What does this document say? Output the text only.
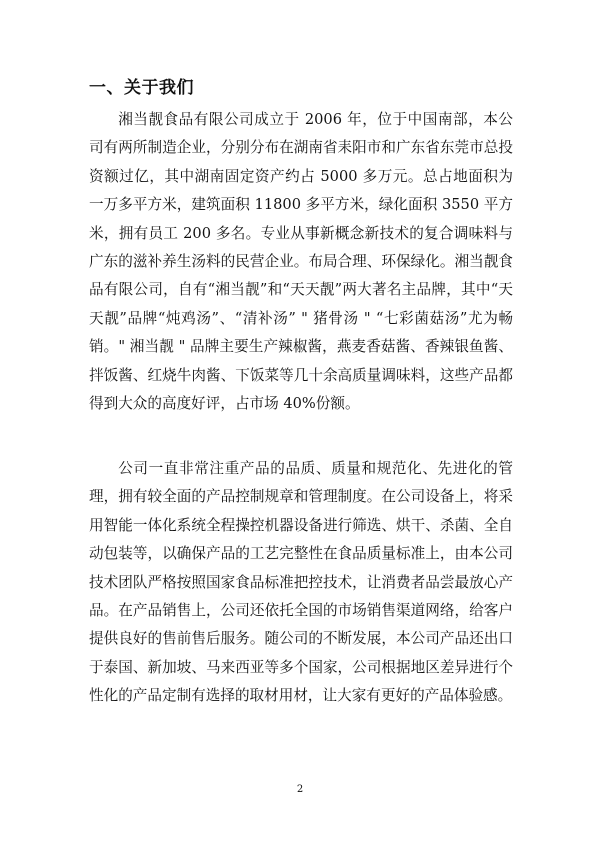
一、关于我们

湘当靓食品有限公司成立于 2006 年，位于中国南部，本公司有两所制造企业，分别分布在湖南省耒阳市和广东省东莞市总投资额过亿，其中湖南固定资产约占 5000 多万元。总占地面积为一万多平方米，建筑面积 11800 多平方米，绿化面积 3550 平方米，拥有员工 200 多名。专业从事新概念新技术的复合调味料与广东的滋补养生汤料的民营企业。布局合理、环保绿化。湘当靓食品有限公司，自有“湘当靓”和“天天靓”两大著名主品牌，其中“天天靓”品牌“炖鸡汤”、“清补汤” " 猪骨汤 " “七彩菌菇汤”尤为畅销。" 湘当靓 " 品牌主要生产辣椒酱，燕麦香菇酱、香辣银鱼酱、拌饭酱、红烧牛肉酱、下饭菜等几十余高质量调味料，这些产品都得到大众的高度好评，占市场 40%份额。

公司一直非常注重产品的品质、质量和规范化、先进化的管理，拥有较全面的产品控制规章和管理制度。在公司设备上，将采用智能一体化系统全程操控机器设备进行筛选、烘干、杀菌、全自动包装等，以确保产品的工艺完整性在食品质量标准上，由本公司技术团队严格按照国家食品标准把控技术，让消费者品尝最放心产品。在产品销售上，公司还依托全国的市场销售渠道网络，给客户提供良好的售前售后服务。随公司的不断发展，本公司产品还出口于泰国、新加坡、马来西亚等多个国家，公司根据地区差异进行个性化的产品定制有选择的取材用材，让大家有更好的产品体验感。

2
